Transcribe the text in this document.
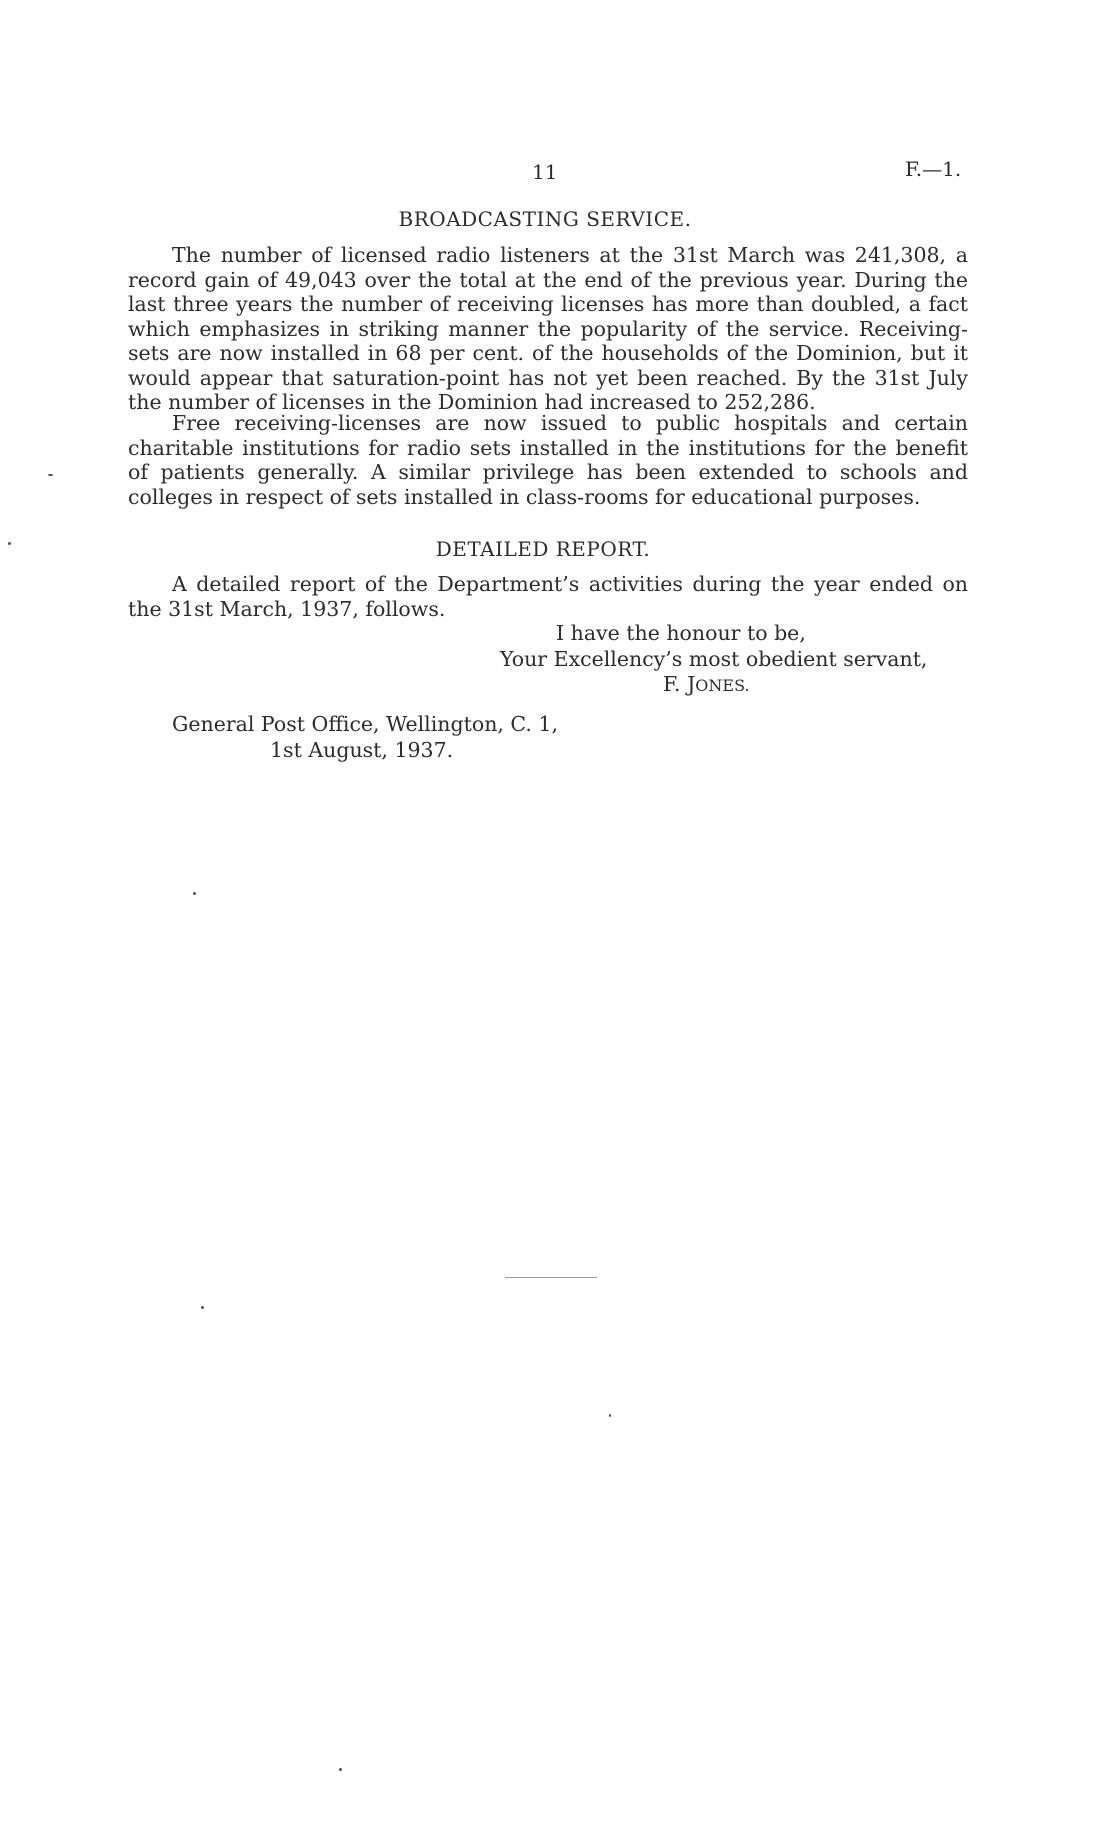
11	F.—1.
BROADCASTING SERVICE.

The number of licensed radio listeners at the 31st March was 241,308, a record gain of 49,043 over the total at the end of the previous year. During the last three years the number of receiving licenses has more than doubled, a fact which emphasizes in striking manner the popularity of the service. Receiving-sets are now installed in 68 per cent. of the households of the Dominion, but it would appear that saturation-point has not yet been reached. By the 31st July the number of licenses in the Dominion had increased to 252,286.

Free receiving-licenses are now issued to public hospitals and certain charitable institutions for radio sets installed in the institutions for the benefit of patients generally. A similar privilege has been extended to schools and colleges in respect of sets installed in class-rooms for educational purposes.

DETAILED REPORT.

A detailed report of the Department’s activities during the year ended on the 31st March, 1937, follows.

I have the honour to be,
Your Excellency’s most obedient servant,
F. JONES.
General Post Office, Wellington, C. 1,
1st August, 1937.
